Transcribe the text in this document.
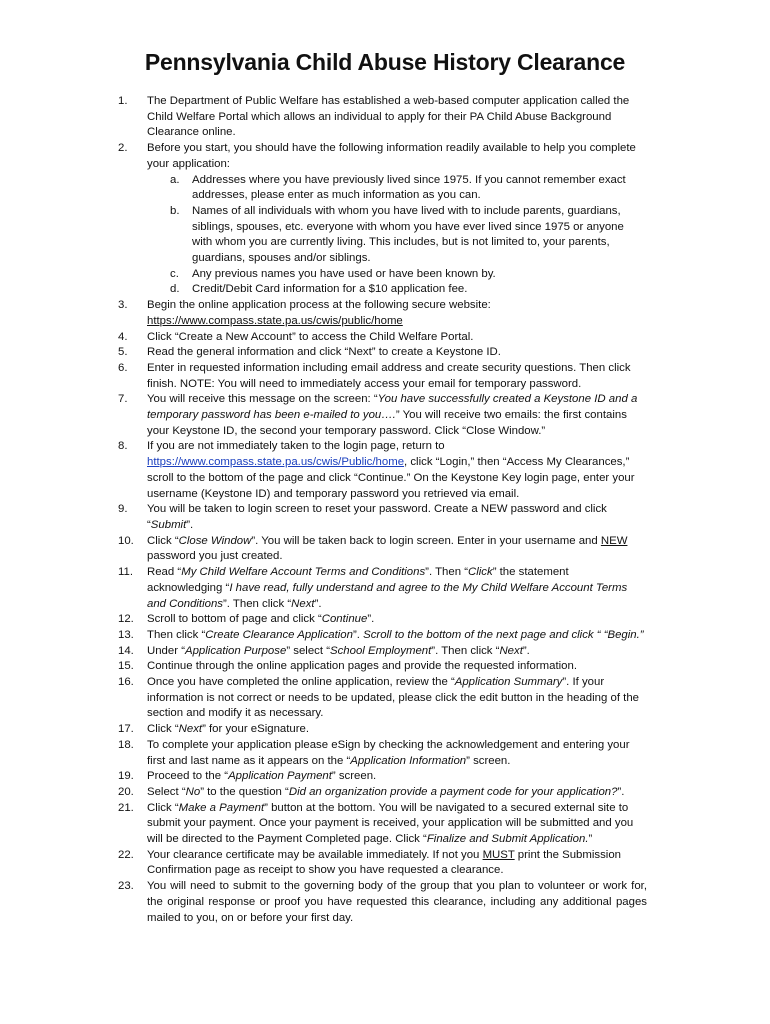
Pennsylvania Child Abuse History Clearance
1.	The Department of Public Welfare has established a web-based computer application called the Child Welfare Portal which allows an individual to apply for their PA Child Abuse Background Clearance online.
2.	Before you start, you should have the following information readily available to help you complete your application:
a.	Addresses where you have previously lived since 1975. If you cannot remember exact addresses, please enter as much information as you can.
b.	Names of all individuals with whom you have lived with to include parents, guardians, siblings, spouses, etc. everyone with whom you have ever lived since 1975 or anyone with whom you are currently living. This includes, but is not limited to, your parents, guardians, spouses and/or siblings.
c.	Any previous names you have used or have been known by.
d.	Credit/Debit Card information for a $10 application fee.
3.	Begin the online application process at the following secure website:
https://www.compass.state.pa.us/cwis/public/home
4.	Click “Create a New Account” to access the Child Welfare Portal.
5.	Read the general information and click “Next” to create a Keystone ID.
6.	Enter in requested information including email address and create security questions. Then click finish. NOTE: You will need to immediately access your email for temporary password.
7.	You will receive this message on the screen: “You have successfully created a Keystone ID and a temporary password has been e-mailed to you….” You will receive two emails: the first contains your Keystone ID, the second your temporary password. Click “Close Window.”
8.	If you are not immediately taken to the login page, return to
https://www.compass.state.pa.us/cwis/Public/home, click “Login,” then “Access My Clearances,” scroll to the bottom of the page and click “Continue.” On the Keystone Key login page, enter your username (Keystone ID) and temporary password you retrieved via email.
9.	You will be taken to login screen to reset your password. Create a NEW password and click “Submit”.
10.	Click “Close Window”. You will be taken back to login screen. Enter in your username and NEW password you just created.
11.	Read “My Child Welfare Account Terms and Conditions”. Then “Click” the statement acknowledging “I have read, fully understand and agree to the My Child Welfare Account Terms and Conditions”. Then click “Next”.
12.	Scroll to bottom of page and click “Continue”.
13.	Then click “Create Clearance Application”. Scroll to the bottom of the next page and click “ “Begin.”
14.	Under “Application Purpose” select “School Employment”. Then click “Next”.
15.	Continue through the online application pages and provide the requested information.
16.	Once you have completed the online application, review the “Application Summary”. If your information is not correct or needs to be updated, please click the edit button in the heading of the section and modify it as necessary.
17.	Click “Next” for your eSignature.
18.	To complete your application please eSign by checking the acknowledgement and entering your first and last name as it appears on the “Application Information” screen.
19.	Proceed to the “Application Payment” screen.
20.	Select “No” to the question “Did an organization provide a payment code for your application?”.
21.	Click “Make a Payment” button at the bottom. You will be navigated to a secured external site to submit your payment. Once your payment is received, your application will be submitted and you will be directed to the Payment Completed page. Click “Finalize and Submit Application.”
22.	Your clearance certificate may be available immediately. If not you MUST print the Submission Confirmation page as receipt to show you have requested a clearance.
23.	You will need to submit to the governing body of the group that you plan to volunteer or work for, the original response or proof you have requested this clearance, including any additional pages mailed to you, on or before your first day.
